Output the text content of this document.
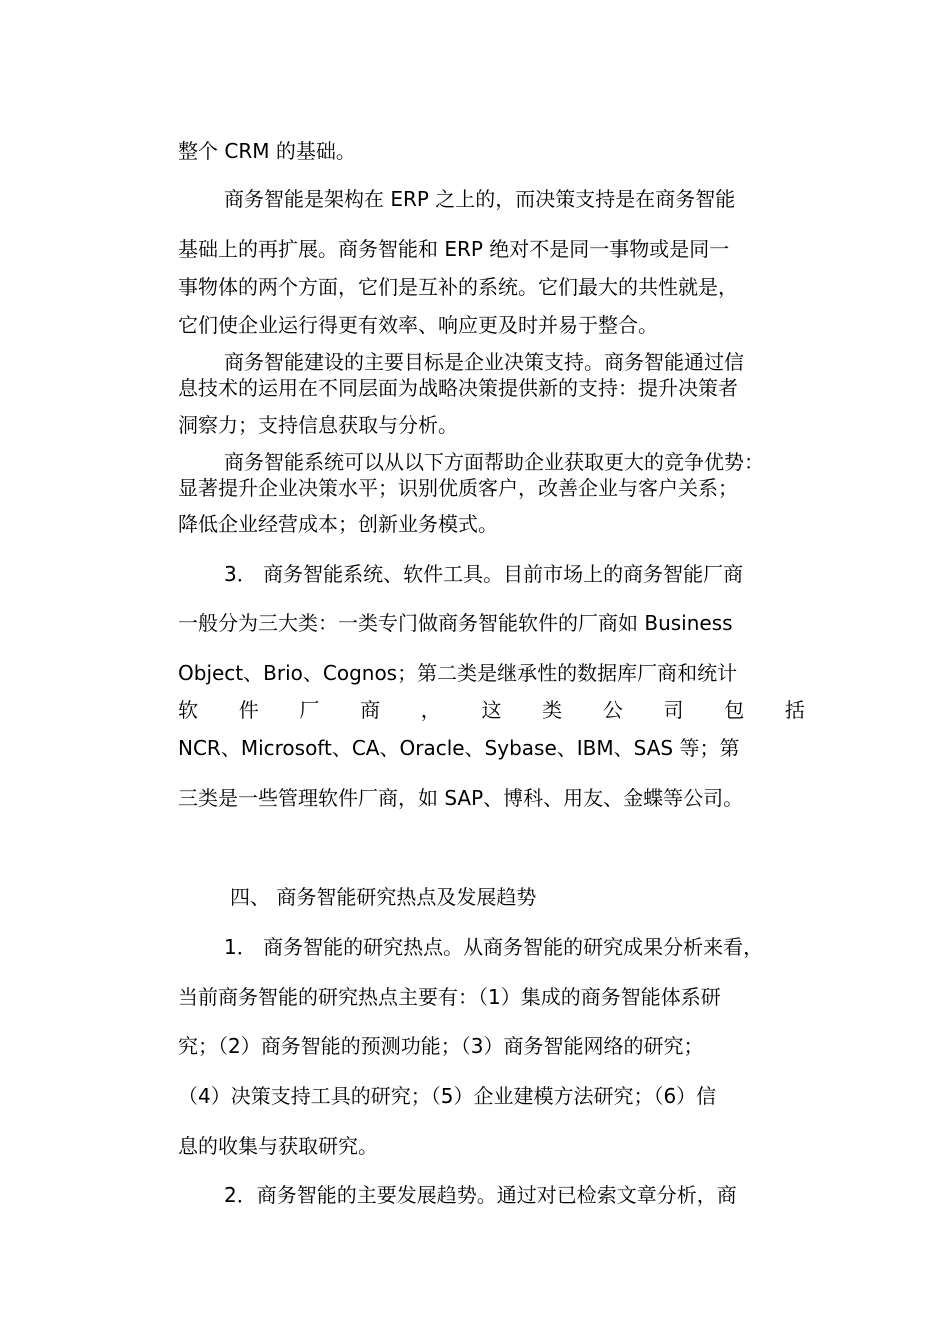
整个 CRM 的基础。

商务智能是架构在 ERP 之上的，而决策支持是在商务智能

基础上的再扩展。商务智能和 ERP 绝对不是同一事物或是同一

事物体的两个方面，它们是互补的系统。它们最大的共性就是，

它们使企业运行得更有效率、响应更及时并易于整合。

商务智能建设的主要目标是企业决策支持。商务智能通过信

息技术的运用在不同层面为战略决策提供新的支持：提升决策者

洞察力；支持信息获取与分析。

商务智能系统可以从以下方面帮助企业获取更大的竞争优势：

显著提升企业决策水平；识别优质客户，改善企业与客户关系；

降低企业经营成本；创新业务模式。

3． 商务智能系统、软件工具。目前市场上的商务智能厂商

一般分为三大类：一类专门做商务智能软件的厂商如 Business

Object、Brio、Cognos；第二类是继承性的数据库厂商和统计

软 件 厂 商 ， 这 类 公 司 包 括

NCR、Microsoft、CA、Oracle、Sybase、IBM、SAS 等；第

三类是一些管理软件厂商，如 SAP、博科、用友、金蝶等公司。

四、 商务智能研究热点及发展趋势

1． 商务智能的研究热点。从商务智能的研究成果分析来看，

当前商务智能的研究热点主要有：（1）集成的商务智能体系研

究；（2）商务智能的预测功能；（3）商务智能网络的研究；

（4）决策支持工具的研究；（5）企业建模方法研究；（6）信

息的收集与获取研究。

2．商务智能的主要发展趋势。通过对已检索文章分析，商
